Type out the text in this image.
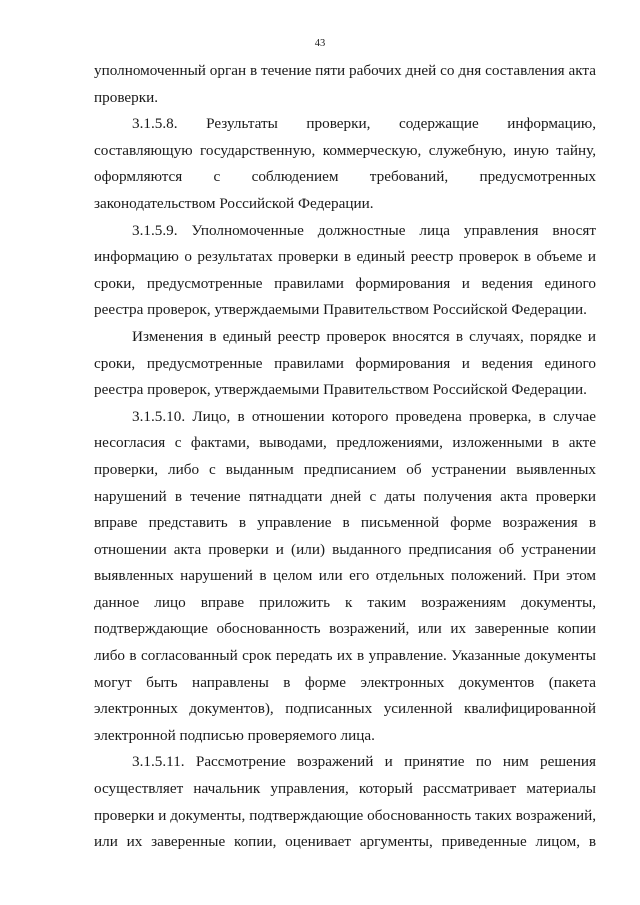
43
уполномоченный орган в течение пяти рабочих дней со дня составления акта
проверки.
3.1.5.8. Результаты проверки, содержащие информацию,
составляющую государственную, коммерческую, служебную, иную тайну,
оформляются с соблюдением требований, предусмотренных
законодательством Российской Федерации.
3.1.5.9. Уполномоченные должностные лица управления вносят
информацию о результатах проверки в единый реестр проверок в объеме и
сроки, предусмотренные правилами формирования и ведения единого
реестра проверок, утверждаемыми Правительством Российской Федерации.
Изменения в единый реестр проверок вносятся в случаях, порядке и
сроки, предусмотренные правилами формирования и ведения единого
реестра проверок, утверждаемыми Правительством Российской Федерации.
3.1.5.10. Лицо, в отношении которого проведена проверка, в случае
несогласия с фактами, выводами, предложениями, изложенными в акте
проверки, либо с выданным предписанием об устранении выявленных
нарушений в течение пятнадцати дней с даты получения акта проверки
вправе представить в управление в письменной форме возражения в
отношении акта проверки и (или) выданного предписания об устранении
выявленных нарушений в целом или его отдельных положений. При этом
данное лицо вправе приложить к таким возражениям документы,
подтверждающие обоснованность возражений, или их заверенные копии
либо в согласованный срок передать их в управление. Указанные документы
могут быть направлены в форме электронных документов (пакета
электронных документов), подписанных усиленной квалифицированной
электронной подписью проверяемого лица.
3.1.5.11. Рассмотрение возражений и принятие по ним решения
осуществляет начальник управления, который рассматривает материалы
проверки и документы, подтверждающие обоснованность таких возражений,
или их заверенные копии, оценивает аргументы, приведенные лицом, в
